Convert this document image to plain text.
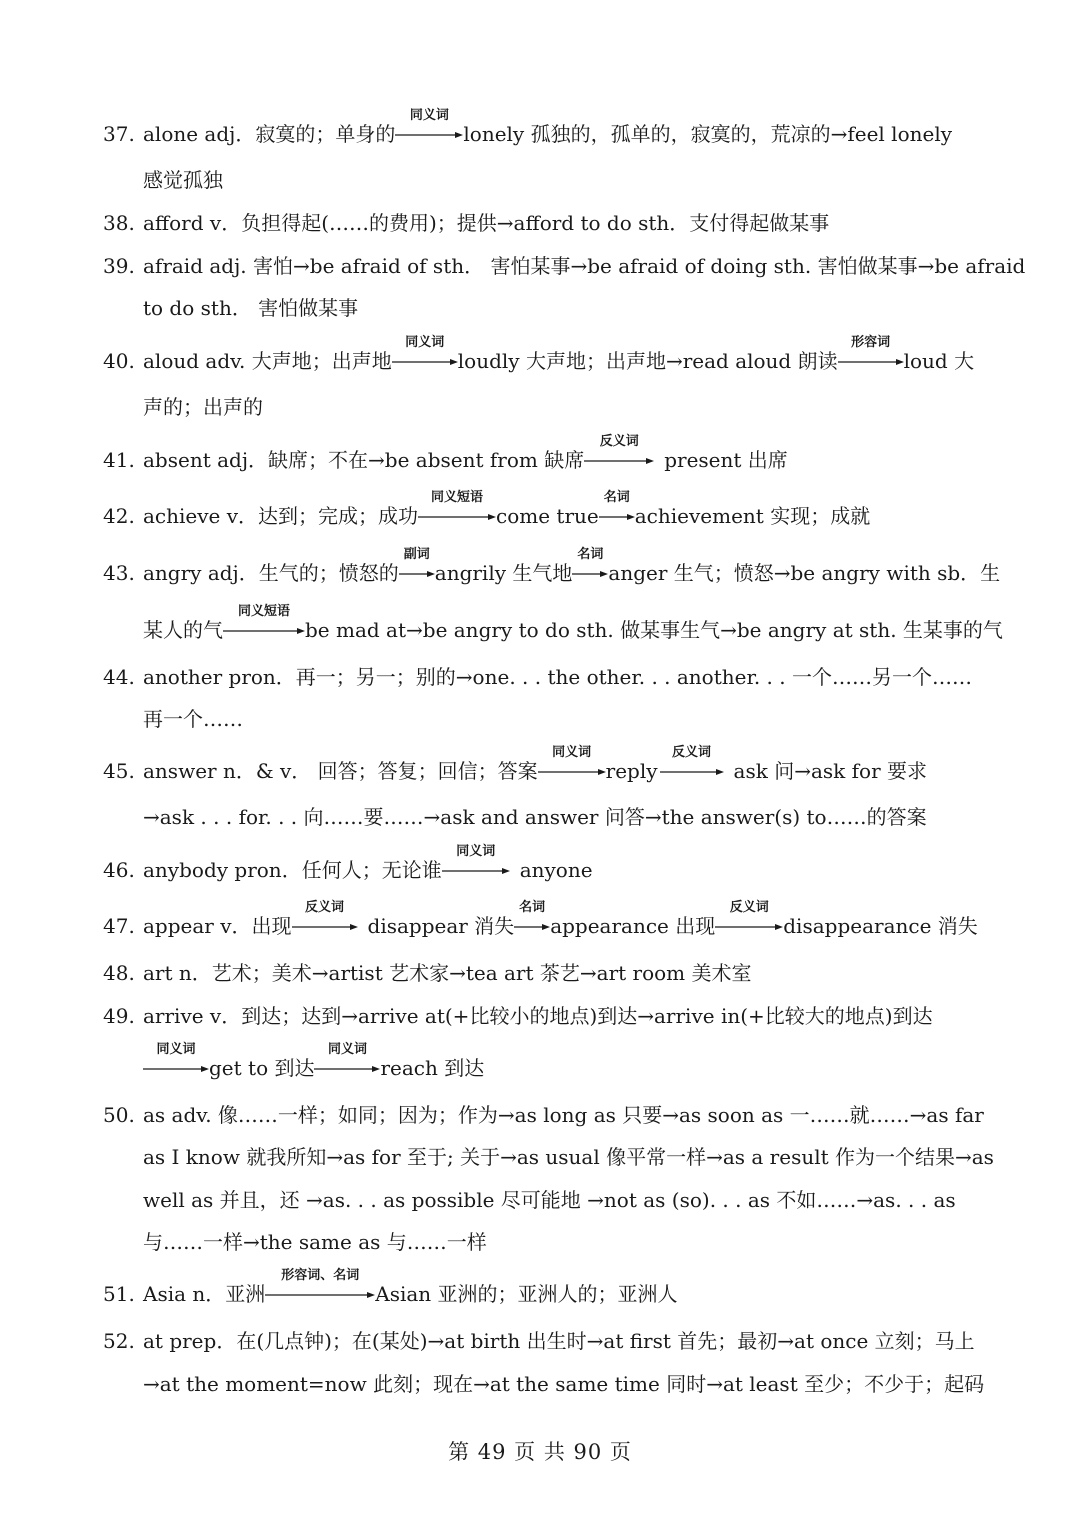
37. alone adj．寂寞的；单身的
同义词
lonely 孤独的，孤单的，寂寞的，荒凉的→feel lonely
感觉孤独
38. afford v．负担得起(……的费用)；提供→afford to do sth．支付得起做某事
39. afraid adj. 害怕→be afraid of sth． 害怕某事→be afraid of doing sth. 害怕做某事→be afraid
to do sth． 害怕做某事
40. aloud adv. 大声地；出声地
同义词
loudly 大声地；出声地→read aloud 朗读
形容词
loud 大
声的；出声的
41. absent adj．缺席；不在→be absent from 缺席
反义词
present 出席
42. achieve v．达到；完成；成功
同义短语
come true
名词
achievement 实现；成就
43. angry adj．生气的；愤怒的
副词
angrily 生气地
名词
anger 生气；愤怒→be angry with sb．生
某人的气
同义短语
be mad at→be angry to do sth. 做某事生气→be angry at sth. 生某事的气
44. another pron．再一；另一；别的→one. . . the other. . . another. . . 一个……另一个……
再一个……
45. answer n．& v． 回答；答复；回信；答案
同义词
reply
反义词
ask 问→ask for 要求
→ask . . . for. . . 向……要……→ask and answer 问答→the answer(s) to……的答案
46. anybody pron．任何人；无论谁
同义词
anyone
47. appear v．出现
反义词
disappear 消失
名词
appearance 出现
反义词
disappearance 消失
48. art n．艺术；美术→artist 艺术家→tea art 茶艺→art room 美术室
49. arrive v．到达；达到→arrive at(+比较小的地点)到达→arrive in(+比较大的地点)到达
同义词
get to 到达
同义词
reach 到达
50. as adv. 像……一样；如同；因为；作为→as long as 只要→as soon as 一……就……→as far
as I know 就我所知→as for 至于; 关于→as usual 像平常一样→as a result 作为一个结果→as
well as 并且，还 →as. . . as possible 尽可能地 →not as (so). . . as 不如……→as. . . as
与……一样→the same as 与……一样
51. Asia n．亚洲
形容词、名词
Asian 亚洲的；亚洲人的；亚洲人
52. at prep．在(几点钟)；在(某处)→at birth 出生时→at first 首先；最初→at once 立刻；马上
→at the moment=now 此刻；现在→at the same time 同时→at least 至少；不少于；起码
第 49 页 共 90 页
